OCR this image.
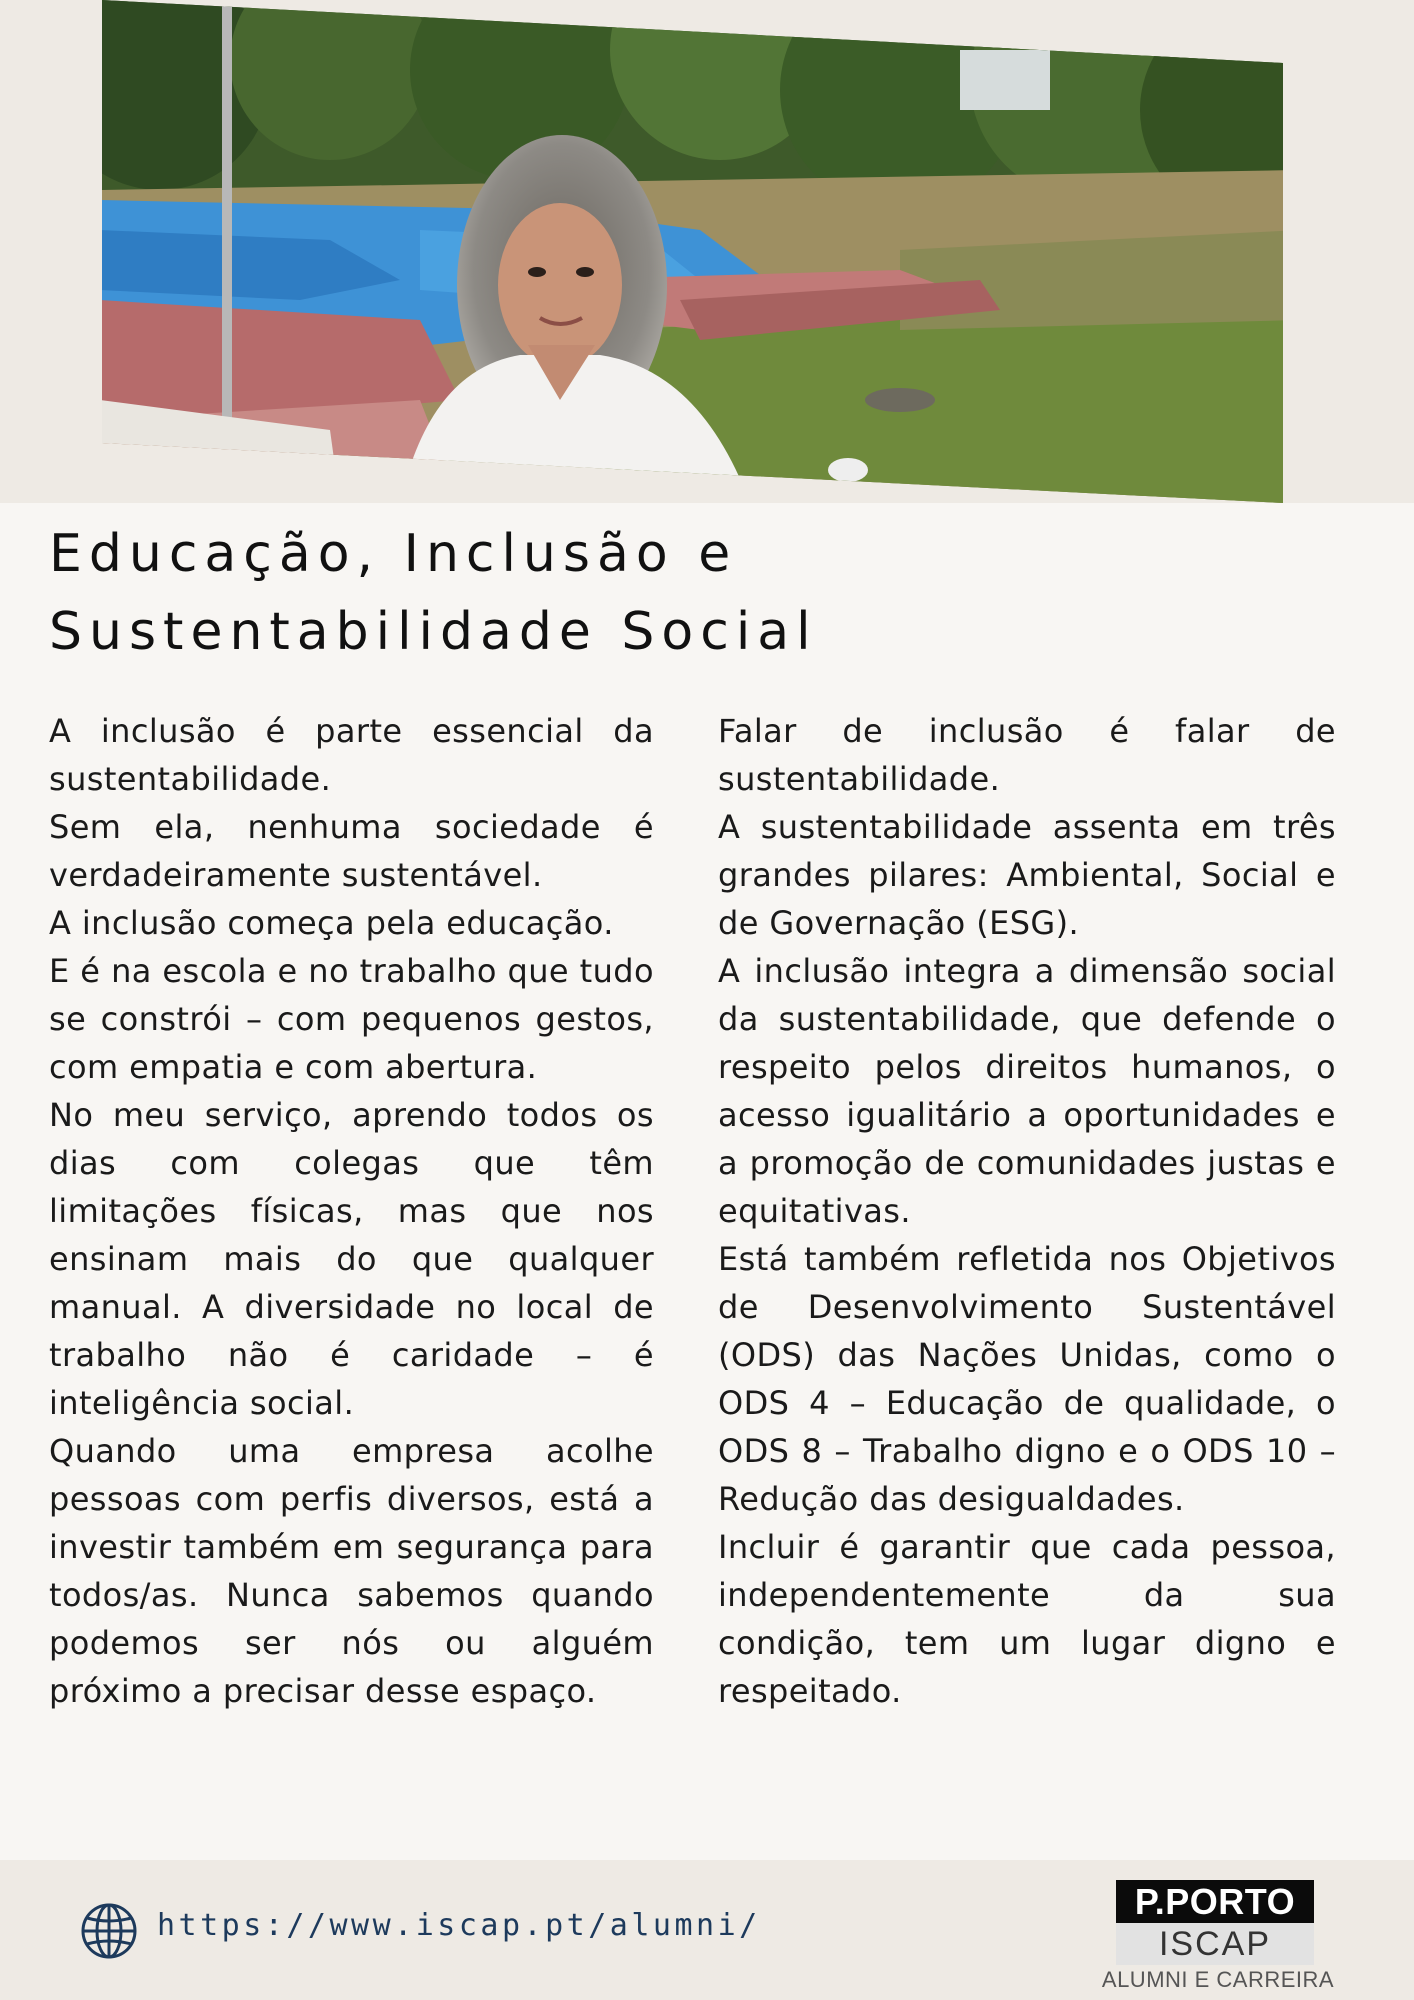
Educação, Inclusão e
Sustentabilidade Social

A inclusão é parte essencial da sustentabilidade.

Sem ela, nenhuma sociedade é verdadeiramente sustentável.

A inclusão começa pela educação.

E é na escola e no trabalho que tudo se constrói – com pequenos gestos, com empatia e com abertura.

No meu serviço, aprendo todos os dias com colegas que têm limitações físicas, mas que nos ensinam mais do que qualquer manual. A diversidade no local de trabalho não é caridade – é inteligência social.

Quando uma empresa acolhe pessoas com perfis diversos, está a investir também em segurança para todos/as. Nunca sabemos quando podemos ser nós ou alguém próximo a precisar desse espaço.

Falar de inclusão é falar de sustentabilidade.

A sustentabilidade assenta em três grandes pilares: Ambiental, Social e de Governação (ESG).

A inclusão integra a dimensão social da sustentabilidade, que defende o respeito pelos direitos humanos, o acesso igualitário a oportunidades e a promoção de comunidades justas e equitativas.

Está também refletida nos Objetivos de Desenvolvimento Sustentável (ODS) das Nações Unidas, como o ODS 4 – Educação de qualidade, o ODS 8 – Trabalho digno e o ODS 10 – Redução das desigualdades.

Incluir é garantir que cada pessoa, independentemente da sua condição, tem um lugar digno e respeitado.

https://www.iscap.pt/alumni/
P.PORTO
ISCAP
ALUMNI E CARREIRA
